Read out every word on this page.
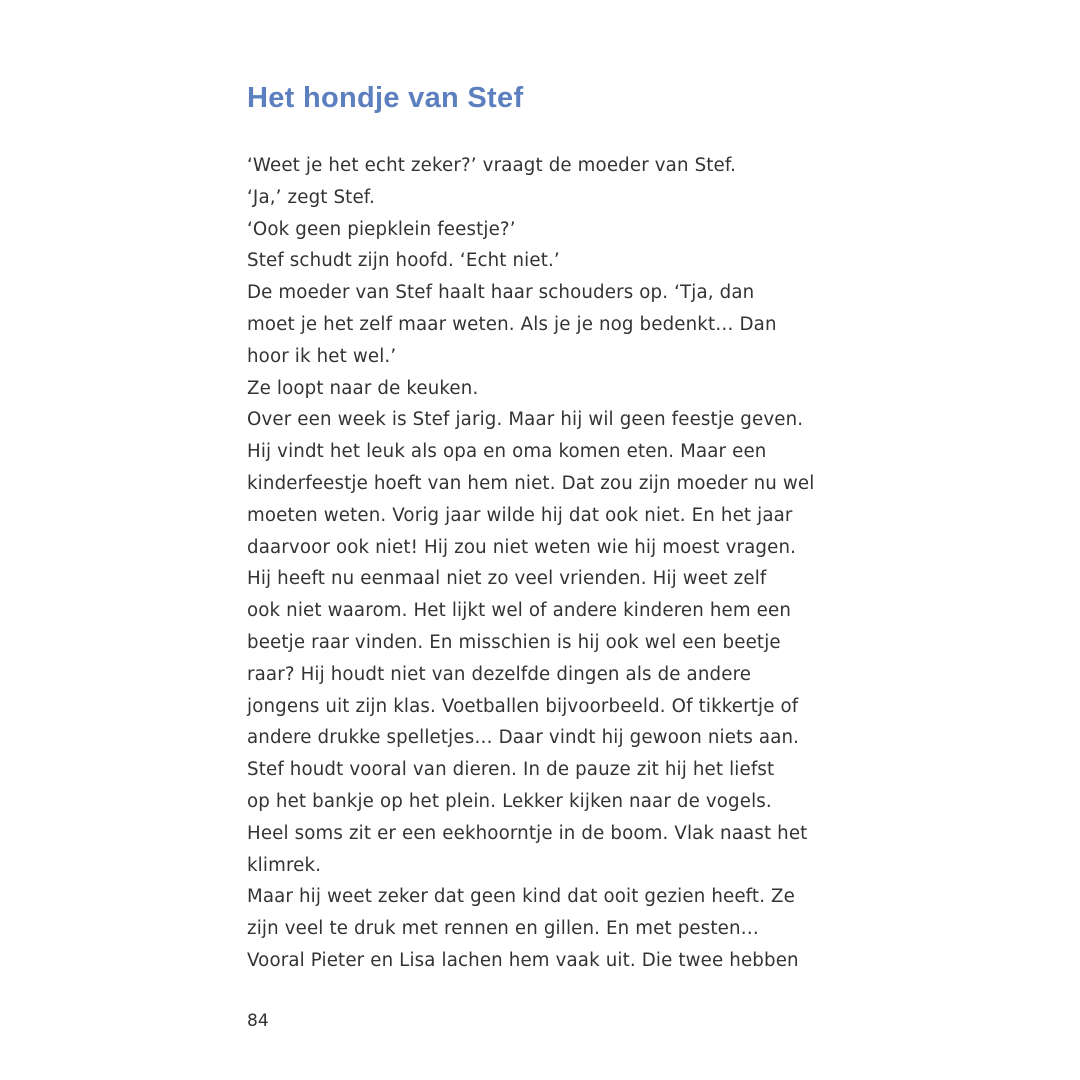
Het hondje van Stef
‘Weet je het echt zeker?’ vraagt de moeder van Stef.
‘Ja,’ zegt Stef.
‘Ook geen piepklein feestje?’
Stef schudt zijn hoofd. ‘Echt niet.’
De moeder van Stef haalt haar schouders op. ‘Tja, dan
moet je het zelf maar weten. Als je je nog bedenkt… Dan
hoor ik het wel.’
Ze loopt naar de keuken.
Over een week is Stef jarig. Maar hij wil geen feestje geven.
Hij vindt het leuk als opa en oma komen eten. Maar een
kinderfeestje hoeft van hem niet. Dat zou zijn moeder nu wel
moeten weten. Vorig jaar wilde hij dat ook niet. En het jaar
daarvoor ook niet! Hij zou niet weten wie hij moest vragen.
Hij heeft nu eenmaal niet zo veel vrienden. Hij weet zelf
ook niet waarom. Het lijkt wel of andere kinderen hem een
beetje raar vinden. En misschien is hij ook wel een beetje
raar? Hij houdt niet van dezelfde dingen als de andere
jongens uit zijn klas. Voetballen bijvoorbeeld. Of tikkertje of
andere drukke spelletjes… Daar vindt hij gewoon niets aan.
Stef houdt vooral van dieren. In de pauze zit hij het liefst
op het bankje op het plein. Lekker kijken naar de vogels.
Heel soms zit er een eekhoorntje in de boom. Vlak naast het
klimrek.
Maar hij weet zeker dat geen kind dat ooit gezien heeft. Ze
zijn veel te druk met rennen en gillen. En met pesten…
Vooral Pieter en Lisa lachen hem vaak uit. Die twee hebben
84
